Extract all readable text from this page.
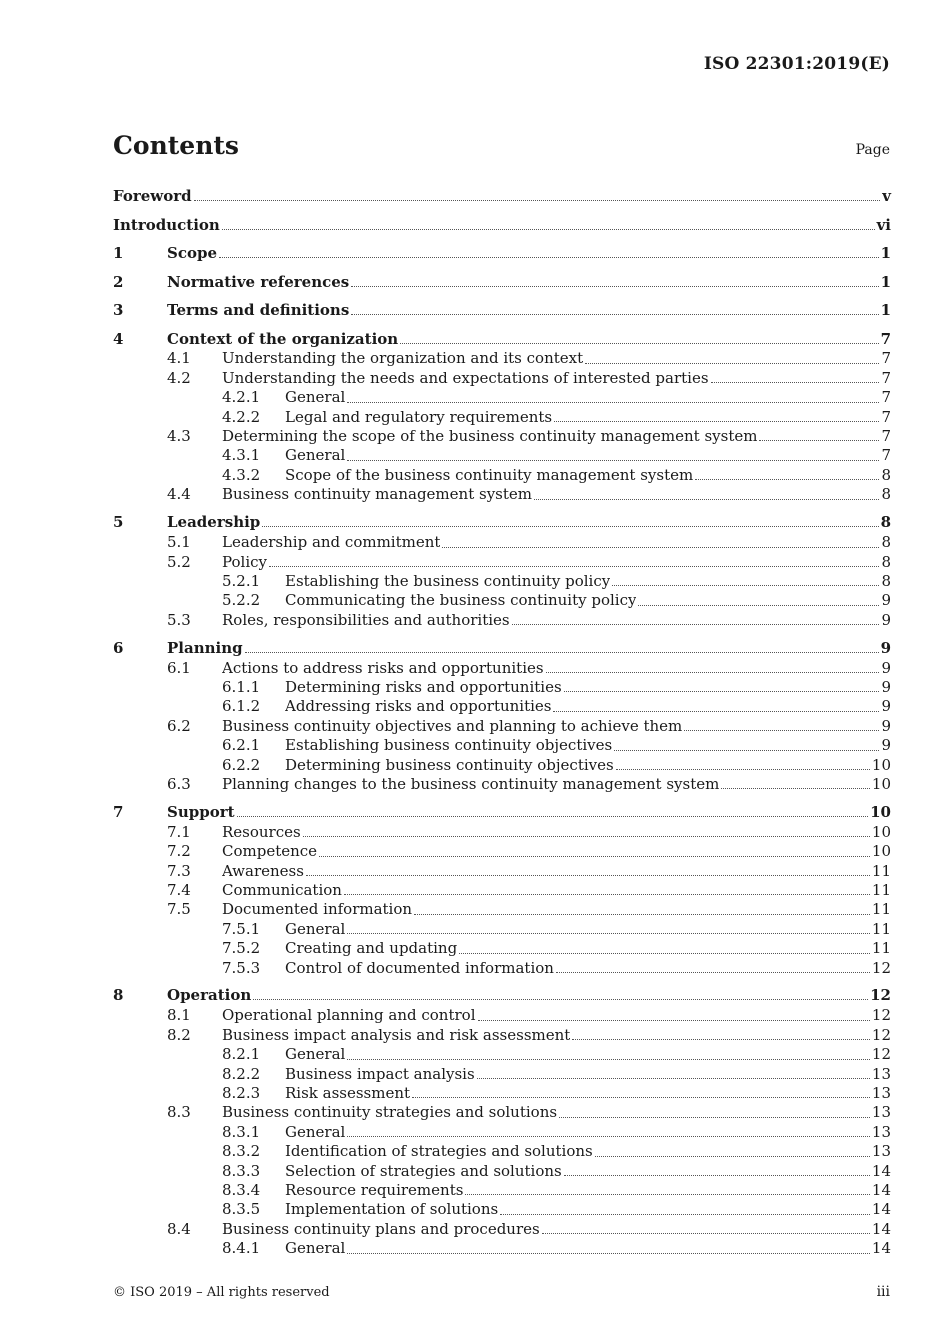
ISO 22301:2019(E)
Contents	Page
Foreword	v
Introduction	vi
1	Scope	1
2	Normative references	1
3	Terms and definitions	1
4	Context of the organization	7
4.1	Understanding the organization and its context	7
4.2	Understanding the needs and expectations of interested parties	7
4.2.1	General	7
4.2.2	Legal and regulatory requirements	7
4.3	Determining the scope of the business continuity management system	7
4.3.1	General	7
4.3.2	Scope of the business continuity management system	8
4.4	Business continuity management system	8
5	Leadership	8
5.1	Leadership and commitment	8
5.2	Policy	8
5.2.1	Establishing the business continuity policy	8
5.2.2	Communicating the business continuity policy	9
5.3	Roles, responsibilities and authorities	9
6	Planning	9
6.1	Actions to address risks and opportunities	9
6.1.1	Determining risks and opportunities	9
6.1.2	Addressing risks and opportunities	9
6.2	Business continuity objectives and planning to achieve them	9
6.2.1	Establishing business continuity objectives	9
6.2.2	Determining business continuity objectives	10
6.3	Planning changes to the business continuity management system	10
7	Support	10
7.1	Resources	10
7.2	Competence	10
7.3	Awareness	11
7.4	Communication	11
7.5	Documented information	11
7.5.1	General	11
7.5.2	Creating and updating	11
7.5.3	Control of documented information	12
8	Operation	12
8.1	Operational planning and control	12
8.2	Business impact analysis and risk assessment	12
8.2.1	General	12
8.2.2	Business impact analysis	13
8.2.3	Risk assessment	13
8.3	Business continuity strategies and solutions	13
8.3.1	General	13
8.3.2	Identification of strategies and solutions	13
8.3.3	Selection of strategies and solutions	14
8.3.4	Resource requirements	14
8.3.5	Implementation of solutions	14
8.4	Business continuity plans and procedures	14
8.4.1	General	14
© ISO 2019 – All rights reserved	iii
